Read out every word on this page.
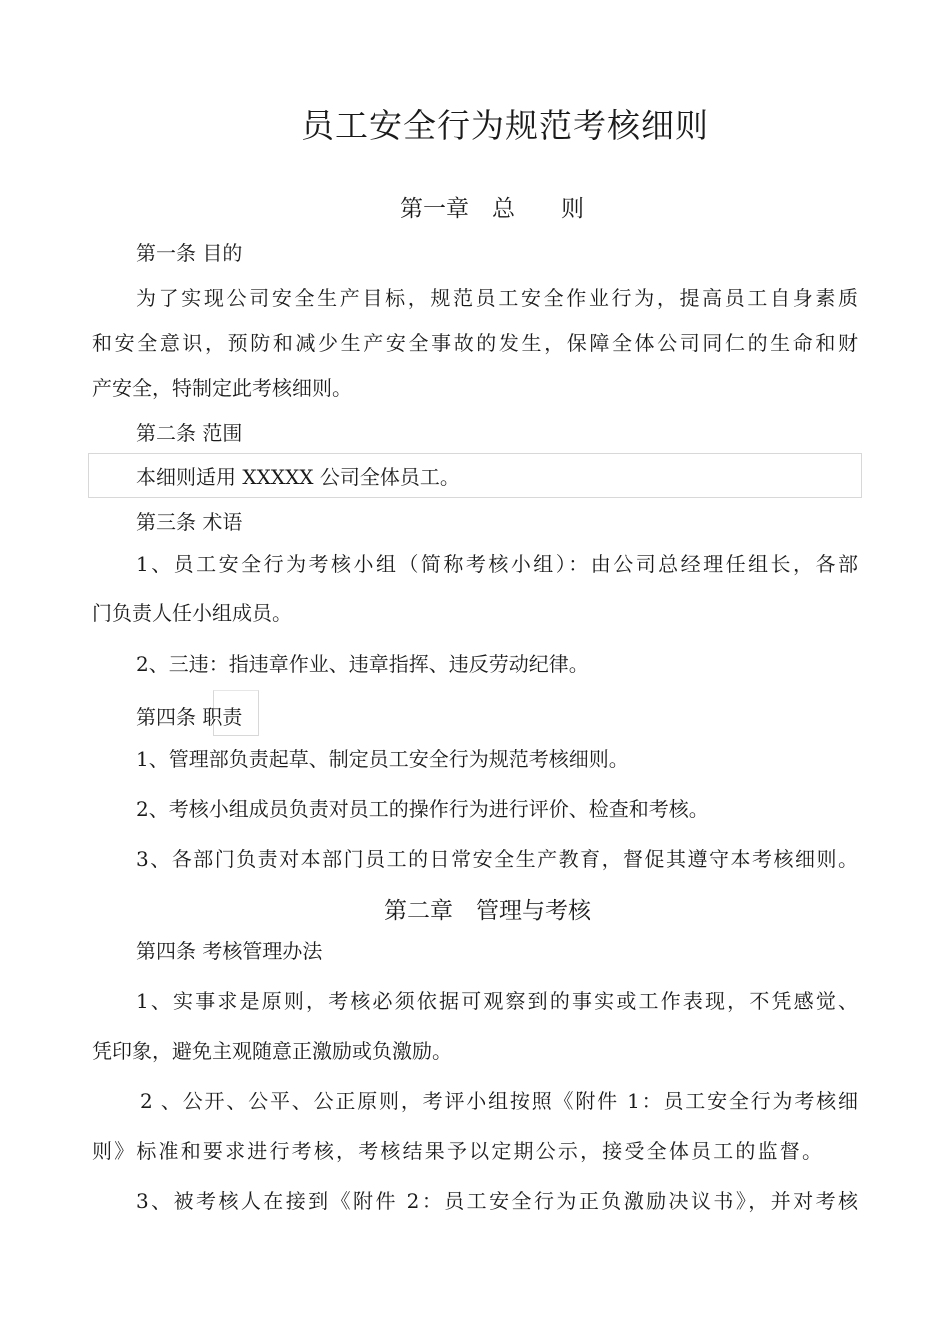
员工安全行为规范考核细则
第一章　总　　则
第一条 目的
为了实现公司安全生产目标，规范员工安全作业行为，提高员工自身素质
和安全意识，预防和减少生产安全事故的发生，保障全体公司同仁的生命和财
产安全，特制定此考核细则。
第二条 范围
本细则适用 XXXXX 公司全体员工。
第三条 术语
1、员工安全行为考核小组（简称考核小组）：由公司总经理任组长，各部
门负责人任小组成员。
2、三违：指违章作业、违章指挥、违反劳动纪律。
第四条 职责
1、管理部负责起草、制定员工安全行为规范考核细则。
2、考核小组成员负责对员工的操作行为进行评价、检查和考核。
3、各部门负责对本部门员工的日常安全生产教育，督促其遵守本考核细则。
第二章　管理与考核
第四条 考核管理办法
1、实事求是原则，考核必须依据可观察到的事实或工作表现，不凭感觉、
凭印象，避免主观随意正激励或负激励。
2 、公开、公平、公正原则，考评小组按照《附件 1：员工安全行为考核细
则》标准和要求进行考核，考核结果予以定期公示，接受全体员工的监督。
3、被考核人在接到《附件 2：员工安全行为正负激励决议书》，并对考核
